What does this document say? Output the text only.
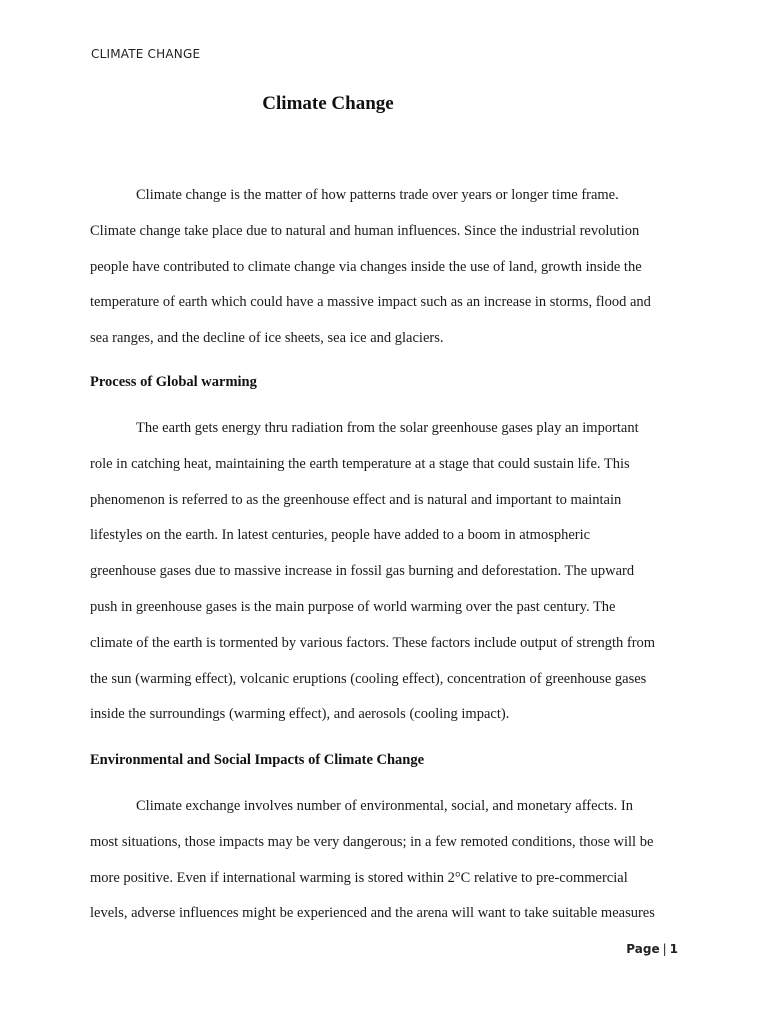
CLIMATE CHANGE
Climate Change

Climate change is the matter of how patterns trade over years or longer time frame.
Climate change take place due to natural and human influences. Since the industrial revolution
people have contributed to climate change via changes inside the use of land, growth inside the
temperature of earth which could have a massive impact such as an increase in storms, flood and
sea ranges, and the decline of ice sheets, sea ice and glaciers.

Process of Global warming

The earth gets energy thru radiation from the solar greenhouse gases play an important
role in catching heat, maintaining the earth temperature at a stage that could sustain life. This
phenomenon is referred to as the greenhouse effect and is natural and important to maintain
lifestyles on the earth. In latest centuries, people have added to a boom in atmospheric
greenhouse gases due to massive increase in fossil gas burning and deforestation. The upward
push in greenhouse gases is the main purpose of world warming over the past century. The
climate of the earth is tormented by various factors. These factors include output of strength from
the sun (warming effect), volcanic eruptions (cooling effect), concentration of greenhouse gases
inside the surroundings (warming effect), and aerosols (cooling impact).

Environmental and Social Impacts of Climate Change

Climate exchange involves number of environmental, social, and monetary affects. In
most situations, those impacts may be very dangerous; in a few remoted conditions, those will be
more positive. Even if international warming is stored within 2°C relative to pre-commercial
levels, adverse influences might be experienced and the arena will want to take suitable measures

Page | 1
